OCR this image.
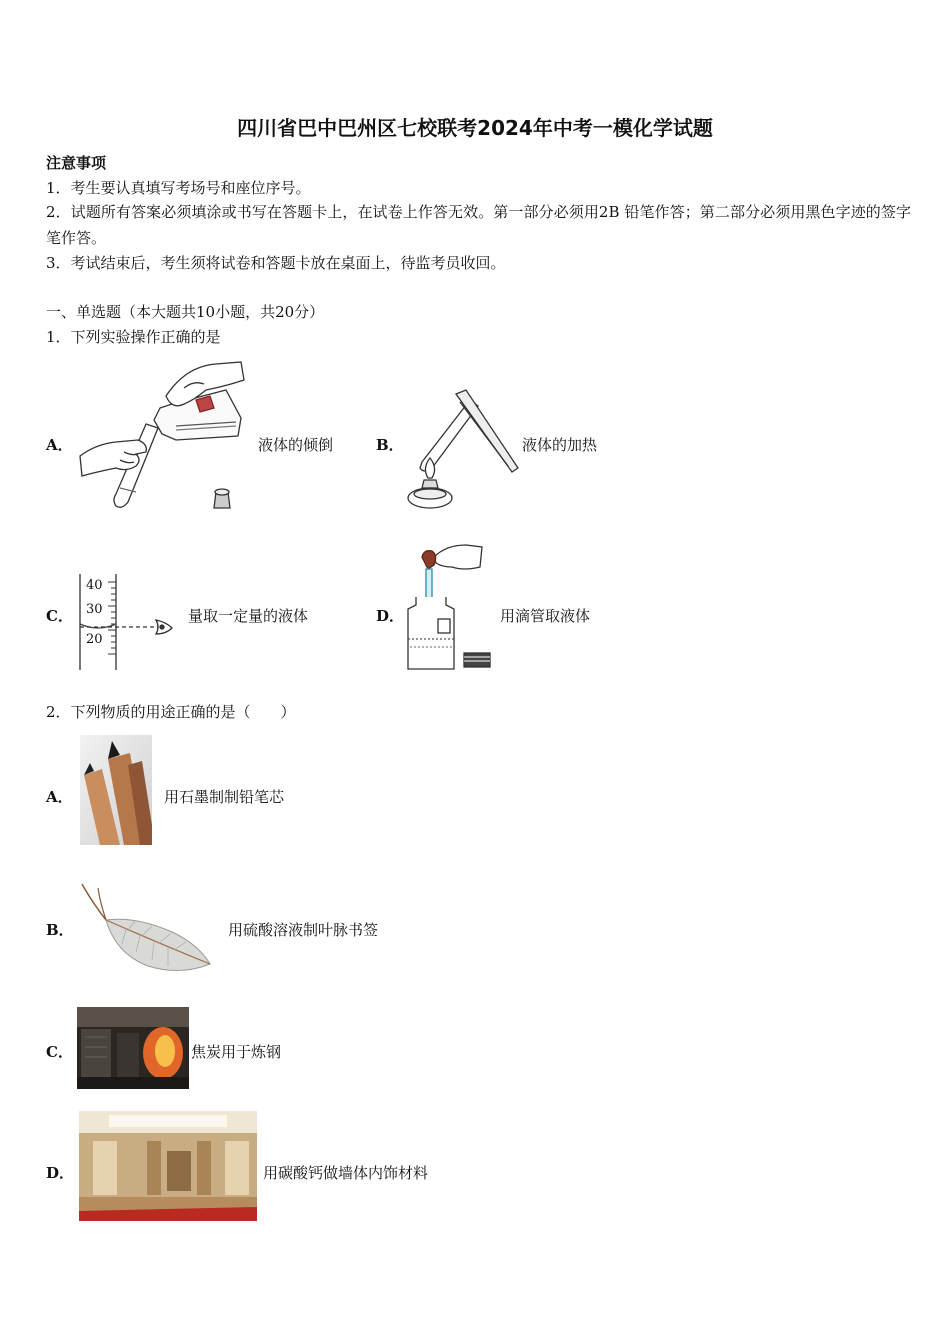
四川省巴中巴州区七校联考2024年中考一模化学试题
注意事项
1．考生要认真填写考场号和座位序号。
2．试题所有答案必须填涂或书写在答题卡上，在试卷上作答无效。第一部分必须用2B 铅笔作答；第二部分必须用黑色字迹的签字笔作答。
3．考试结束后，考生须将试卷和答题卡放在桌面上，待监考员收回。
一、单选题（本大题共10小题，共20分）
1．下列实验操作正确的是
A．	液体的倾倒	B．	液体的加热
C．
40
30
20
量取一定量的液体	D．	用滴管取液体
2．下列物质的用途正确的是（　　）
A．	用石墨制制铅笔芯
B．	用硫酸溶液制叶脉书签
C．	焦炭用于炼钢
D．	用碳酸钙做墙体内饰材料
